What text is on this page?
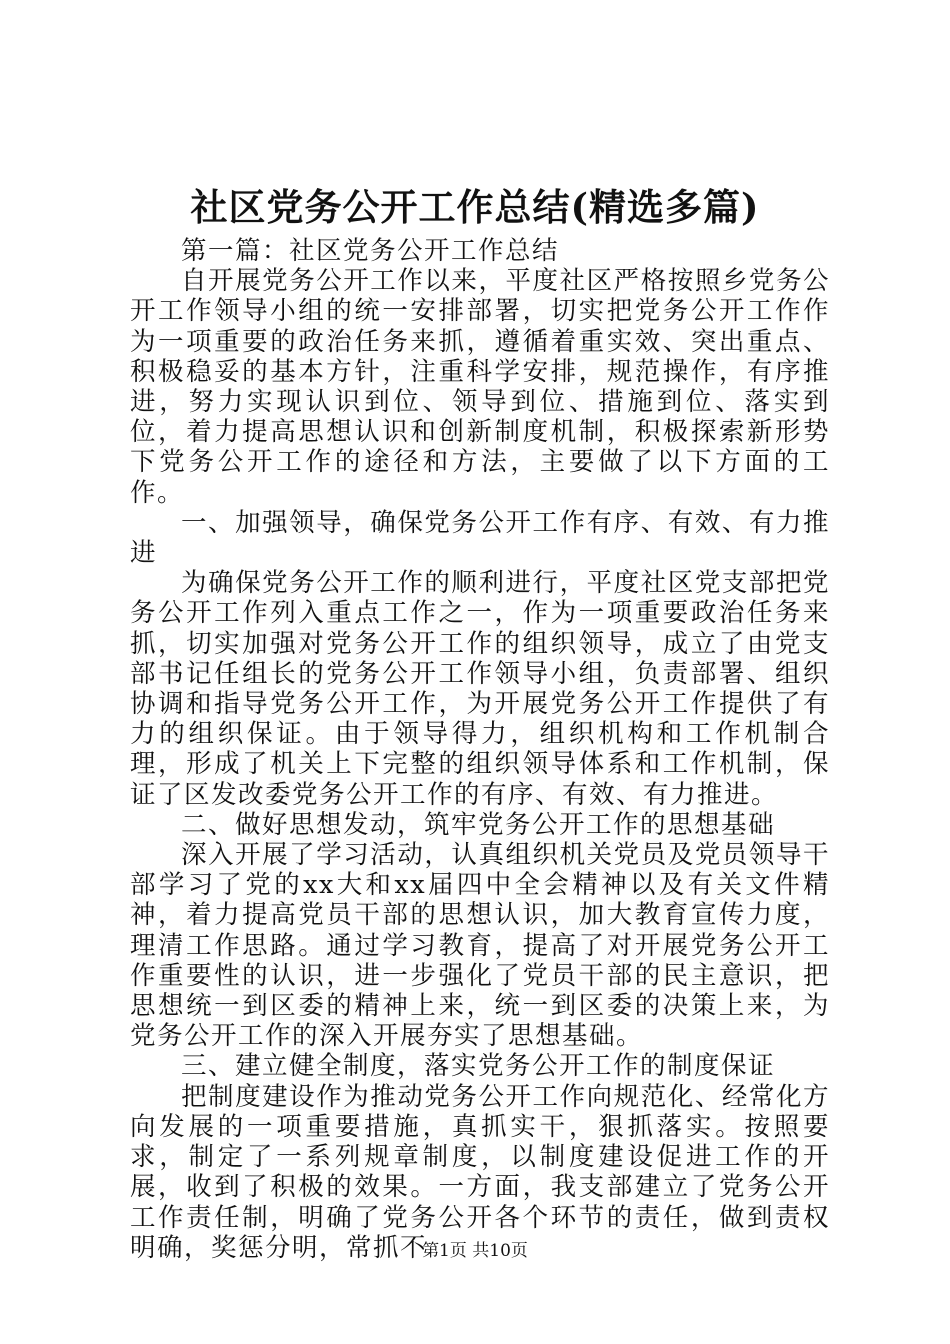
社区党务公开工作总结(精选多篇)

第一篇：社区党务公开工作总结

自开展党务公开工作以来，平度社区严格按照乡党务公开工作领导小组的统一安排部署，切实把党务公开工作作为一项重要的政治任务来抓，遵循着重实效、突出重点、积极稳妥的基本方针，注重科学安排，规范操作，有序推进，努力实现认识到位、领导到位、措施到位、落实到位，着力提高思想认识和创新制度机制，积极探索新形势下党务公开工作的途径和方法，主要做了以下方面的工作。

一、加强领导，确保党务公开工作有序、有效、有力推进

为确保党务公开工作的顺利进行，平度社区党支部把党务公开工作列入重点工作之一，作为一项重要政治任务来抓，切实加强对党务公开工作的组织领导，成立了由党支部书记任组长的党务公开工作领导小组，负责部署、组织协调和指导党务公开工作，为开展党务公开工作提供了有力的组织保证。由于领导得力，组织机构和工作机制合理，形成了机关上下完整的组织领导体系和工作机制，保证了区发改委党务公开工作的有序、有效、有力推进。

二、做好思想发动，筑牢党务公开工作的思想基础

深入开展了学习活动，认真组织机关党员及党员领导干部学习了党的xx大和xx届四中全会精神以及有关文件精神，着力提高党员干部的思想认识，加大教育宣传力度，理清工作思路。通过学习教育，提高了对开展党务公开工作重要性的认识，进一步强化了党员干部的民主意识，把思想统一到区委的精神上来，统一到区委的决策上来，为党务公开工作的深入开展夯实了思想基础。

三、建立健全制度，落实党务公开工作的制度保证

把制度建设作为推动党务公开工作向规范化、经常化方向发展的一项重要措施，真抓实干，狠抓落实。按照要求，制定了一系列规章制度，以制度建设促进工作的开展，收到了积极的效果。一方面，我支部建立了党务公开工作责任制，明确了党务公开各个环节的责任，做到责权明确，奖惩分明，常抓不

第1页 共10页
